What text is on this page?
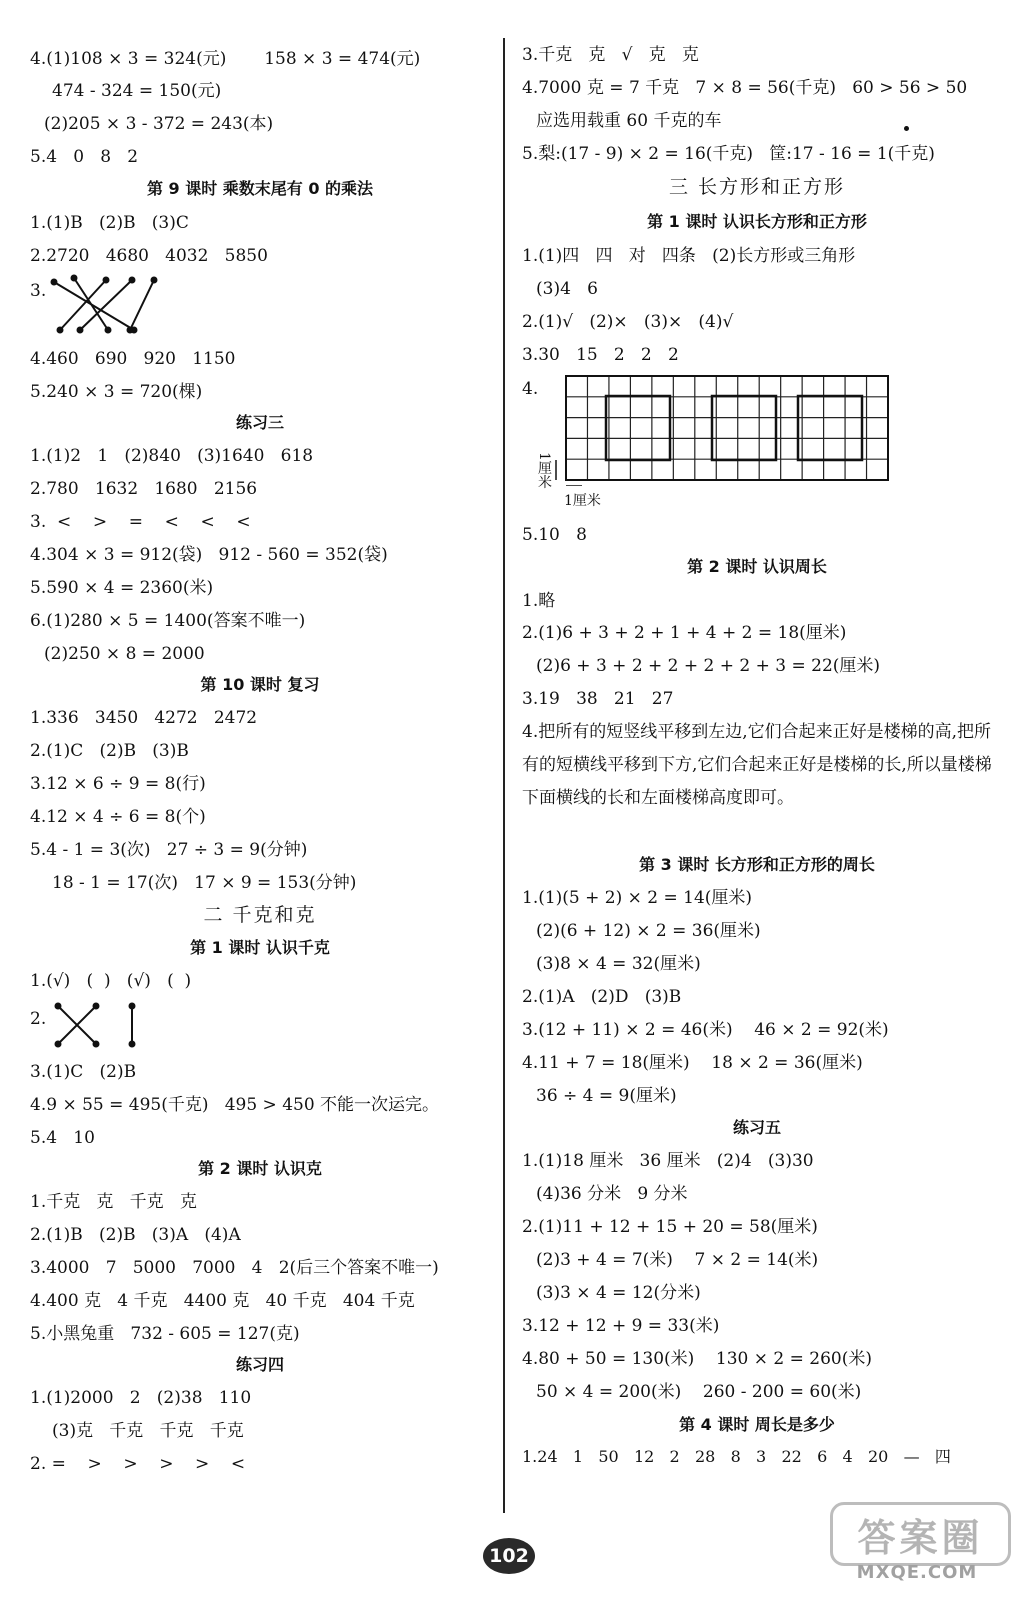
4.(1)108 × 3 = 324(元)       158 × 3 = 474(元)
474 - 324 = 150(元)
(2)205 × 3 - 372 = 243(本)
5.4   0   8   2
第 9 课时 乘数末尾有 0 的乘法
1.(1)B   (2)B   (3)C
2.2720   4680   4032   5850
3.
4.460   690   920   1150
5.240 × 3 = 720(棵)
练习三
1.(1)2   1   (2)840   (3)1640   618
2.780   1632   1680   2156
3.  <    >    =    <    <    <
4.304 × 3 = 912(袋)   912 - 560 = 352(袋)
5.590 × 4 = 2360(米)
6.(1)280 × 5 = 1400(答案不唯一)
(2)250 × 8 = 2000
第 10 课时 复习
1.336   3450   4272   2472
2.(1)C   (2)B   (3)B
3.12 × 6 ÷ 9 = 8(行)
4.12 × 4 ÷ 6 = 8(个)
5.4 - 1 = 3(次)   27 ÷ 3 = 9(分钟)
18 - 1 = 17(次)   17 × 9 = 153(分钟)
二 千克和克
第 1 课时 认识千克
1.(√)   (  )   (√)   (  )
2.
3.(1)C   (2)B
4.9 × 55 = 495(千克)   495 > 450 不能一次运完。
5.4   10
第 2 课时 认识克
1.千克   克   千克   克
2.(1)B   (2)B   (3)A   (4)A
3.4000   7   5000   7000   4   2(后三个答案不唯一)
4.400 克   4 千克   4400 克   40 千克   404 千克
5.小黑兔重   732 - 605 = 127(克)
练习四
1.(1)2000   2   (2)38   110
(3)克   千克   千克   千克
2. =    >    >    >    >    <
3.千克   克   √   克   克
4.7000 克 = 7 千克   7 × 8 = 56(千克)   60 > 56 > 50
应选用载重 60 千克的车
5.梨:(17 - 9) × 2 = 16(千克)   筐:17 - 16 = 1(千克)
三 长方形和正方形
第 1 课时 认识长方形和正方形
1.(1)四   四   对   四条   (2)长方形或三角形
(3)4   6
2.(1)√   (2)×   (3)×   (4)√
3.30   15   2   2   2
4.
1厘米
1厘米
5.10   8
第 2 课时 认识周长
1.略
2.(1)6 + 3 + 2 + 1 + 4 + 2 = 18(厘米)
(2)6 + 3 + 2 + 2 + 2 + 2 + 3 = 22(厘米)
3.19   38   21   27
4.把所有的短竖线平移到左边,它们合起来正好是楼梯的高,把所有的短横线平移到下方,它们合起来正好是楼梯的长,所以量楼梯下面横线的长和左面楼梯高度即可。
第 3 课时 长方形和正方形的周长
1.(1)(5 + 2) × 2 = 14(厘米)
(2)(6 + 12) × 2 = 36(厘米)
(3)8 × 4 = 32(厘米)
2.(1)A   (2)D   (3)B
3.(12 + 11) × 2 = 46(米)    46 × 2 = 92(米)
4.11 + 7 = 18(厘米)    18 × 2 = 36(厘米)
36 ÷ 4 = 9(厘米)
练习五
1.(1)18 厘米   36 厘米   (2)4   (3)30
(4)36 分米   9 分米
2.(1)11 + 12 + 15 + 20 = 58(厘米)
(2)3 + 4 = 7(米)    7 × 2 = 14(米)
(3)3 × 4 = 12(分米)
3.12 + 12 + 9 = 33(米)
4.80 + 50 = 130(米)    130 × 2 = 260(米)
50 × 4 = 200(米)    260 - 200 = 60(米)
第 4 课时 周长是多少
1.24   1   50   12   2   28   8   3   22   6   4   20   —   四
102	答案圈
MXQE.COM
